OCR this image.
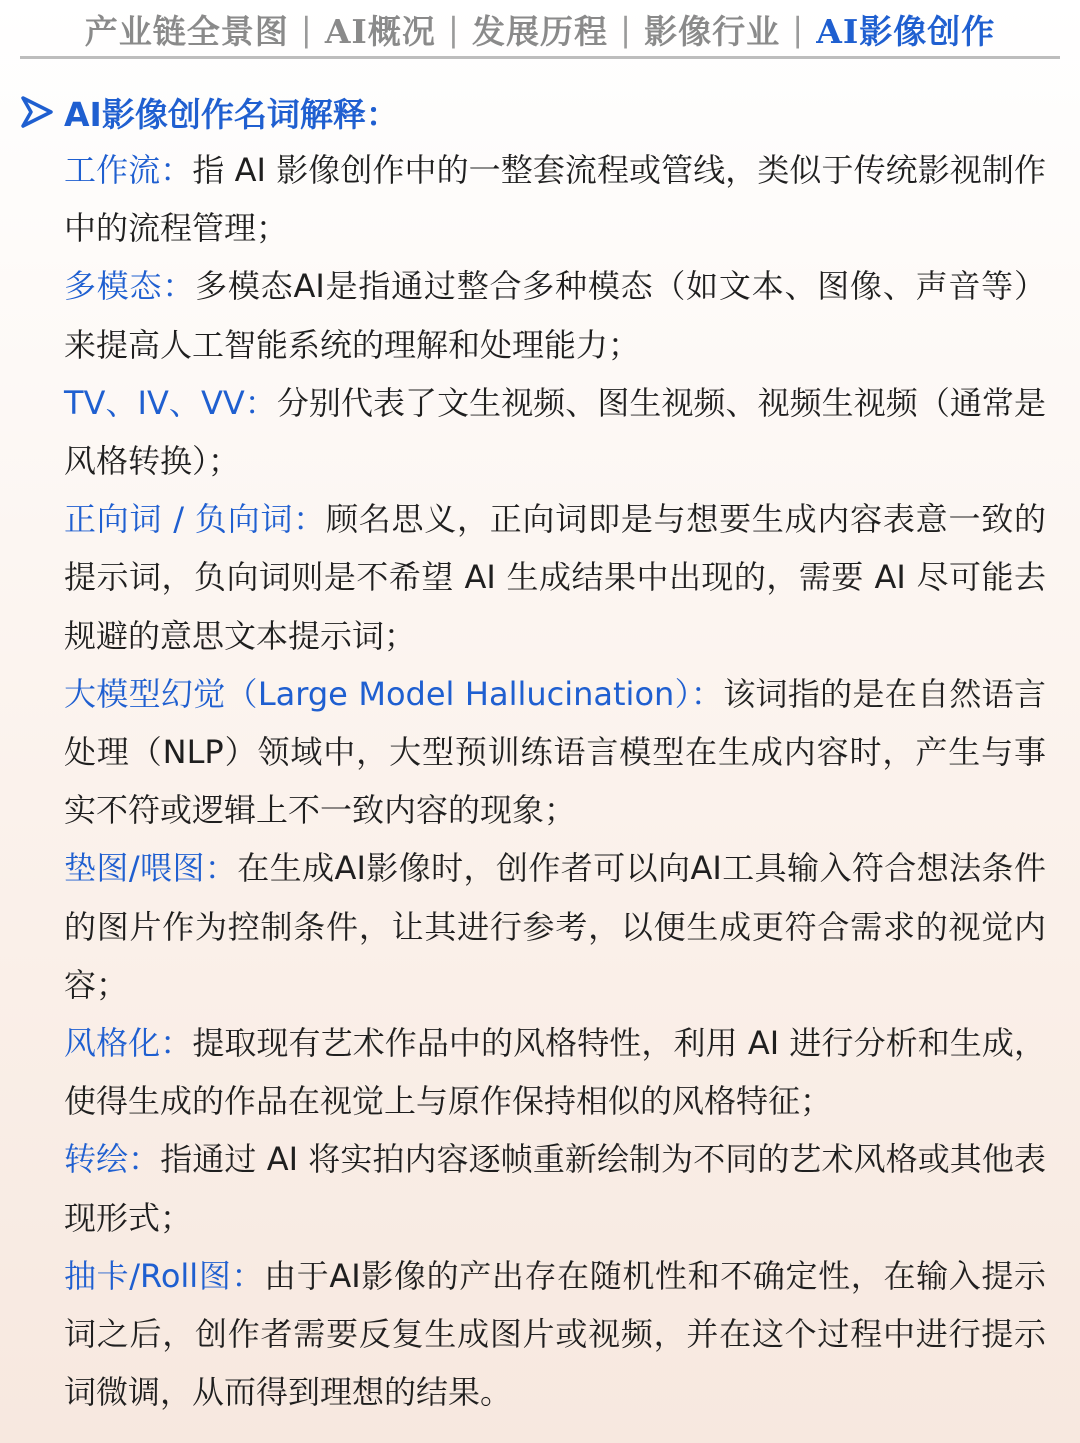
产业链全景图 | AI概况 | 发展历程 | 影像行业 | AI影像创作
AI影像创作名词解释：
工作流：指 AI 影像创作中的一整套流程或管线，类似于传统影视制作中的流程管理；
多模态：多模态AI是指通过整合多种模态（如文本、图像、声音等）来提高人工智能系统的理解和处理能力；
TV、IV、VV：分别代表了文生视频、图生视频、视频生视频（通常是风格转换）；
正向词 / 负向词：顾名思义，正向词即是与想要生成内容表意一致的提示词，负向词则是不希望 AI 生成结果中出现的，需要 AI 尽可能去规避的意思文本提示词；
大模型幻觉（Large Model Hallucination）：该词指的是在自然语言处理（NLP）领域中，大型预训练语言模型在生成内容时，产生与事实不符或逻辑上不一致内容的现象；
垫图/喂图：在生成AI影像时，创作者可以向AI工具输入符合想法条件的图片作为控制条件，让其进行参考，以便生成更符合需求的视觉内容；
风格化：提取现有艺术作品中的风格特性，利用 AI 进行分析和生成，使得生成的作品在视觉上与原作保持相似的风格特征；
转绘：指通过 AI 将实拍内容逐帧重新绘制为不同的艺术风格或其他表现形式；
抽卡/Roll图：由于AI影像的产出存在随机性和不确定性，在输入提示词之后，创作者需要反复生成图片或视频，并在这个过程中进行提示词微调，从而得到理想的结果。
